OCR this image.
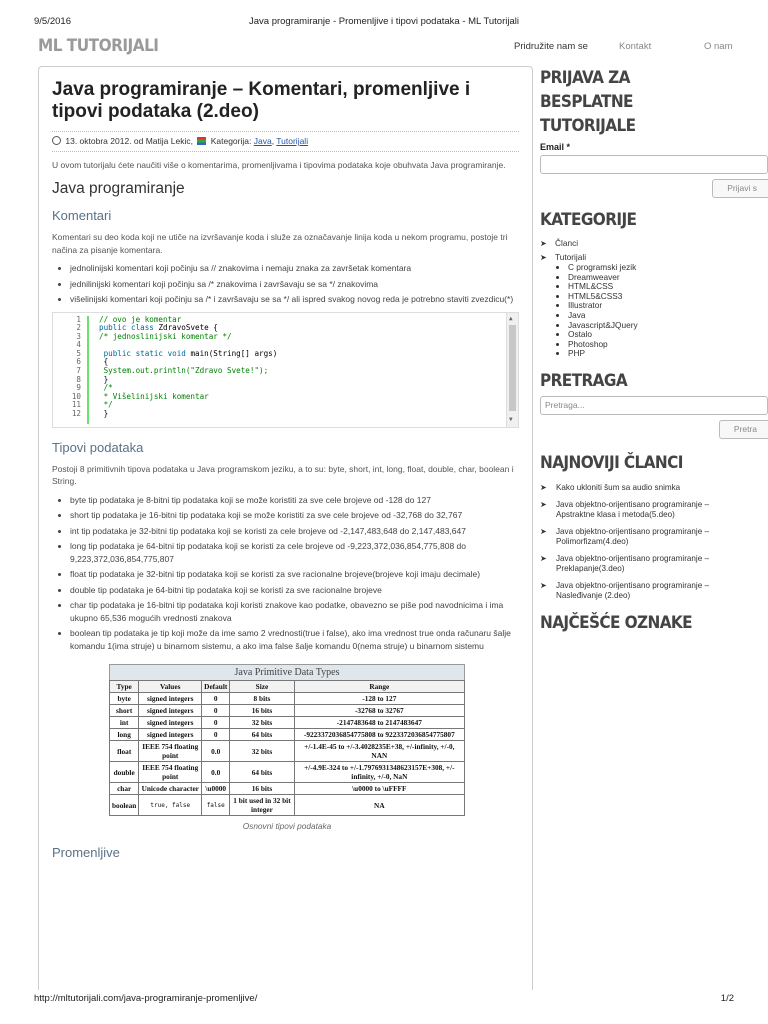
9/5/2016	Java programiranje - Promenljive i tipovi podataka - ML Tutorijali
ML TUTORIJALI	Pridružite nam se	Kontakt	O nam
Java programiranje – Komentari, promenljive i tipovi podataka (2.deo)
13. oktobra 2012. od Matija Lekic, Kategorija: Java, Tutorijali

U ovom tutorijalu ćete naučiti više o komentarima, promenljivama i tipovima podataka koje obuhvata Java programiranje.

Java programiranje
Komentari

Komentari su deo koda koji ne utiče na izvršavanje koda i služe za označavanje linija koda u nekom programu, postoje tri načina za pisanje komentara.

• jednolinijski komentari koji počinju sa // znakovima i nemaju znaka za završetak komentara
• jednilinijski komentari koji počinju sa /* znakovima i završavaju se sa */ znakovima
• višelinijski komentari koji počinju sa /* i završavaju se sa */ ali ispred svakog novog reda je potrebno staviti zvezdicu(*)
1
2
3
4
5
6
7
8
9
10
11
12
// ovo je komentar
public class ZdravoSvete {
/* jednoslinijski komentar */

public static void main(String[] args)
{
System.out.println("Zdravo Svete!");
}
/*
* Višelinijski komentar
*/
}
▲
▼
Tipovi podataka

Postoji 8 primitivnih tipova podataka u Java programskom jeziku, a to su: byte, short, int, long, float, double, char, boolean i String.

• byte tip podataka je 8-bitni tip podataka koji se može koristiti za sve cele brojeve od -128 do 127
• short tip podataka je 16-bitni tip podataka koji se može koristiti za sve cele brojeve od -32,768 do 32,767
• int tip podataka je 32-bitni tip podataka koji se koristi za cele brojeve od -2,147,483,648 do 2,147,483,647
• long tip podataka je 64-bitni tip podataka koji se koristi za cele brojeve od -9,223,372,036,854,775,808 do 9,223,372,036,854,775,807
• float tip podataka je 32-bitni tip podataka koji se koristi za sve racionalne brojeve(brojeve koji imaju decimale)
• double tip podataka je 64-bitni tip podataka koji se koristi za sve racionalne brojeve
• char tip podataka je 16-bitni tip podataka koji koristi znakove kao podatke, obavezno se piše pod navodnicima i ima ukupno 65,536 mogućih vrednosti znakova
• boolean tip podataka je tip koji može da ime samo 2 vrednosti(true i false), ako ima vrednost true onda računaru šalje komandu 1(ima struje) u binarnom sistemu, a ako ima false šalje komandu 0(nema struje) u binarnom sistemu
Java Primitive Data Types
Type	Values	Default	Size	Range
byte	signed integers	0	8 bits	-128 to 127
short	signed integers	0	16 bits	-32768 to 32767
int	signed integers	0	32 bits	-2147483648 to 2147483647
long	signed integers	0	64 bits	-9223372036854775808 to 9223372036854775807
float	IEEE 754 floating point	0.0	32 bits	+/-1.4E-45 to +/-3.4028235E+38, +/-infinity, +/-0, NAN
double	IEEE 754 floating point	0.0	64 bits	+/-4.9E-324 to +/-1.7976931348623157E+308, +/-infinity, +/-0, NaN
char	Unicode character	\u0000	16 bits	\u0000 to \uFFFF
boolean	true, false	false	1 bit used in 32 bit integer	NA
Osnovni tipovi podataka
Promenljive
PRIJAVA ZA BESPLATNE TUTORIJALE
Email *
Prijavi s
KATEGORIJE
➤ Članci
➤ Tutorijali
• C programski jezik
• Dreamweaver
• HTML&CSS
• HTML5&CSS3
• Illustrator
• Java
• Javascript&JQuery
• Ostalo
• Photoshop
• PHP
PRETRAGA
Pretraga...
Pretra
NAJNOVIJI ČLANCI
➤ Kako ukloniti šum sa audio snimka
➤ Java objektno-orijentisano programiranje –
Apstraktne klasa i metoda(5.deo)
➤ Java objektno-orijentisano programiranje –
Polimorfizam(4.deo)
➤ Java objektno-orijentisano programiranje –
Preklapanje(3.deo)
➤ Java objektno-orijentisano programiranje –
Nasleđivanje (2.deo)
NAJČEŠĆE OZNAKE
http://mltutorijali.com/java-programiranje-promenljive/	1/2
